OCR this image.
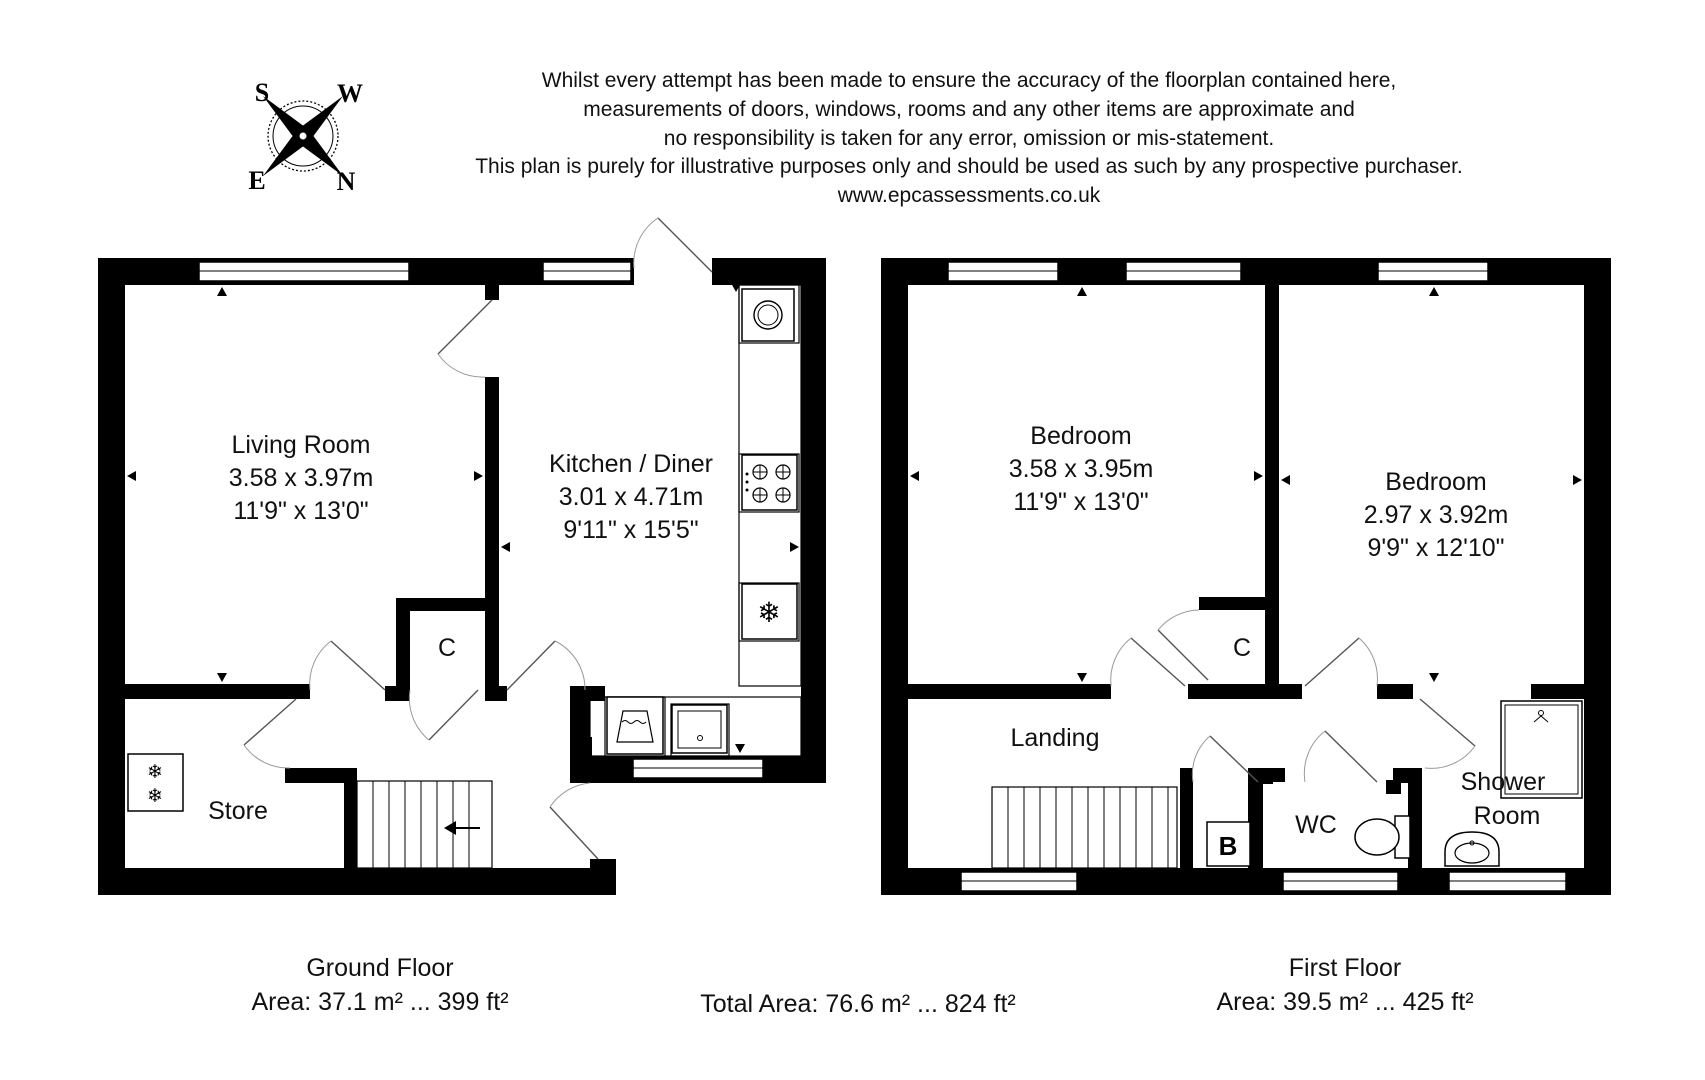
S	W
E	N
Whilst every attempt has been made to ensure the accuracy of the floorplan contained here,
measurements of doors, windows, rooms and any other items are approximate and
no responsibility is taken for any error, omission or mis-statement.
This plan is purely for illustrative purposes only and should be used as such by any prospective purchaser.
www.epcassessments.co.uk
❄
❄
❄
Living Room
3.58 x 3.97m
11'9" x 13'0"
Kitchen / Diner
3.01 x 4.71m
9'11" x 15'5"
C
Store
Bedroom
3.58 x 3.95m
11'9" x 13'0"
Bedroom
2.97 x 3.92m
9'9" x 12'10"
C
Landing
B
WC
Shower
Room
Ground Floor
Area: 37.1 m² ... 399 ft²	Total Area: 76.6 m² ... 824 ft²
First Floor
Area: 39.5 m² ... 425 ft²
